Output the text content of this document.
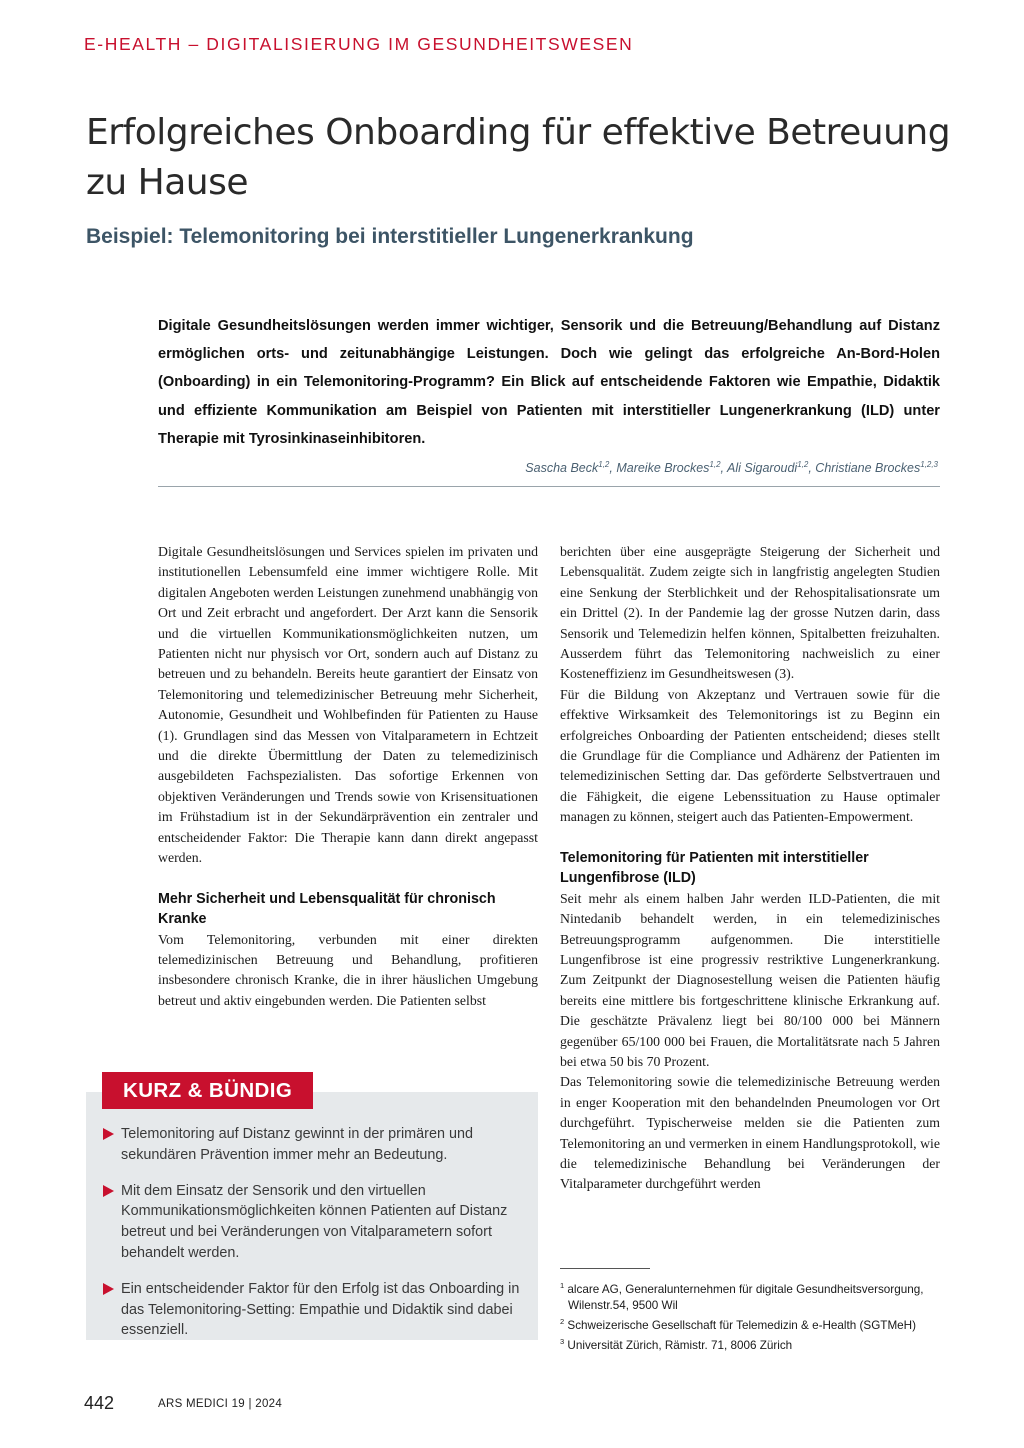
E-HEALTH – DIGITALISIERUNG IM GESUNDHEITSWESEN
Erfolgreiches Onboarding für effektive Betreuung zu Hause
Beispiel: Telemonitoring bei interstitieller Lungenerkrankung

Digitale Gesundheitslösungen werden immer wichtiger, Sensorik und die Betreuung/Behandlung auf Distanz ermöglichen orts- und zeitunabhängige Leistungen. Doch wie gelingt das erfolgreiche An-Bord-Holen (Onboarding) in ein Telemonitoring-Programm? Ein Blick auf entscheidende Faktoren wie Empathie, Didaktik und effiziente Kommunikation am Beispiel von Patienten mit interstitieller Lungenerkrankung (ILD) unter Therapie mit Tyrosinkinaseinhibitoren.

Sascha Beck$^{1,2}$, Mareike Brockes$^{1,2}$, Ali Sigaroudi$^{1,2}$, Christiane Brockes$^{1,2,3}$

Digitale Gesundheitslösungen und Services spielen im privaten und institutionellen Lebensumfeld eine immer wichtigere Rolle. Mit digitalen Angeboten werden Leistungen zunehmend unabhängig von Ort und Zeit erbracht und angefordert. Der Arzt kann die Sensorik und die virtuellen Kommunikationsmöglichkeiten nutzen, um Patienten nicht nur physisch vor Ort, sondern auch auf Distanz zu betreuen und zu behandeln. Bereits heute garantiert der Einsatz von Telemonitoring und telemedizinischer Betreuung mehr Sicherheit, Autonomie, Gesundheit und Wohlbefinden für Patienten zu Hause (1). Grundlagen sind das Messen von Vitalparametern in Echtzeit und die direkte Übermittlung der Daten zu telemedizinisch ausgebildeten Fachspezialisten. Das sofortige Erkennen von objektiven Veränderungen und Trends sowie von Krisensituationen im Frühstadium ist in der Sekundärprävention ein zentraler und entscheidender Faktor: Die Therapie kann dann direkt angepasst werden.

Mehr Sicherheit und Lebensqualität für chronisch Kranke

Vom Telemonitoring, verbunden mit einer direkten telemedizinischen Betreuung und Behandlung, profitieren insbesondere chronisch Kranke, die in ihrer häuslichen Umgebung betreut und aktiv eingebunden werden. Die Patienten selbst

berichten über eine ausgeprägte Steigerung der Sicherheit und Lebensqualität. Zudem zeigte sich in langfristig angelegten Studien eine Senkung der Sterblichkeit und der Rehospitalisationsrate um ein Drittel (2). In der Pandemie lag der grosse Nutzen darin, dass Sensorik und Telemedizin helfen können, Spitalbetten freizuhalten. Ausserdem führt das Telemonitoring nachweislich zu einer Kosteneffizienz im Gesundheitswesen (3).

Für die Bildung von Akzeptanz und Vertrauen sowie für die effektive Wirksamkeit des Telemonitorings ist zu Beginn ein erfolgreiches Onboarding der Patienten entscheidend; dieses stellt die Grundlage für die Compliance und Adhärenz der Patienten im telemedizinischen Setting dar. Das geförderte Selbstvertrauen und die Fähigkeit, die eigene Lebenssituation zu Hause optimaler managen zu können, steigert auch das Patienten-Empowerment.

Telemonitoring für Patienten mit interstitieller Lungenfibrose (ILD)

Seit mehr als einem halben Jahr werden ILD-Patienten, die mit Nintedanib behandelt werden, in ein telemedizinisches Betreuungsprogramm aufgenommen. Die interstitielle Lungenfibrose ist eine progressiv restriktive Lungenerkrankung. Zum Zeitpunkt der Diagnosestellung weisen die Patienten häufig bereits eine mittlere bis fortgeschrittene klinische Erkrankung auf. Die geschätzte Prävalenz liegt bei 80/100 000 bei Männern gegenüber 65/100 000 bei Frauen, die Mortalitätsrate nach 5 Jahren bei etwa 50 bis 70 Prozent.

Das Telemonitoring sowie die telemedizinische Betreuung werden in enger Kooperation mit den behandelnden Pneumologen vor Ort durchgeführt. Typischerweise melden sie die Patienten zum Telemonitoring an und vermerken in einem Handlungsprotokoll, wie die telemedizinische Behandlung bei Veränderungen der Vitalparameter durchgeführt werden

KURZ & BÜNDIG
Telemonitoring auf Distanz gewinnt in der primären und sekundären Prävention immer mehr an Bedeutung.
Mit dem Einsatz der Sensorik und den virtuellen Kommunikationsmöglichkeiten können Patienten auf Distanz betreut und bei Veränderungen von Vitalparametern sofort behandelt werden.
Ein entscheidender Faktor für den Erfolg ist das Onboarding in das Telemonitoring-Setting: Empathie und Didaktik sind dabei essenziell.
$^1$ alcare AG, Generalunternehmen für digitale Gesundheitsversorgung, Wilenstr.54, 9500 Wil
$^2$ Schweizerische Gesellschaft für Telemedizin & e-Health (SGTMeH)
$^3$ Universität Zürich, Rämistr. 71, 8006 Zürich
442	ARS MEDICI 19 | 2024
